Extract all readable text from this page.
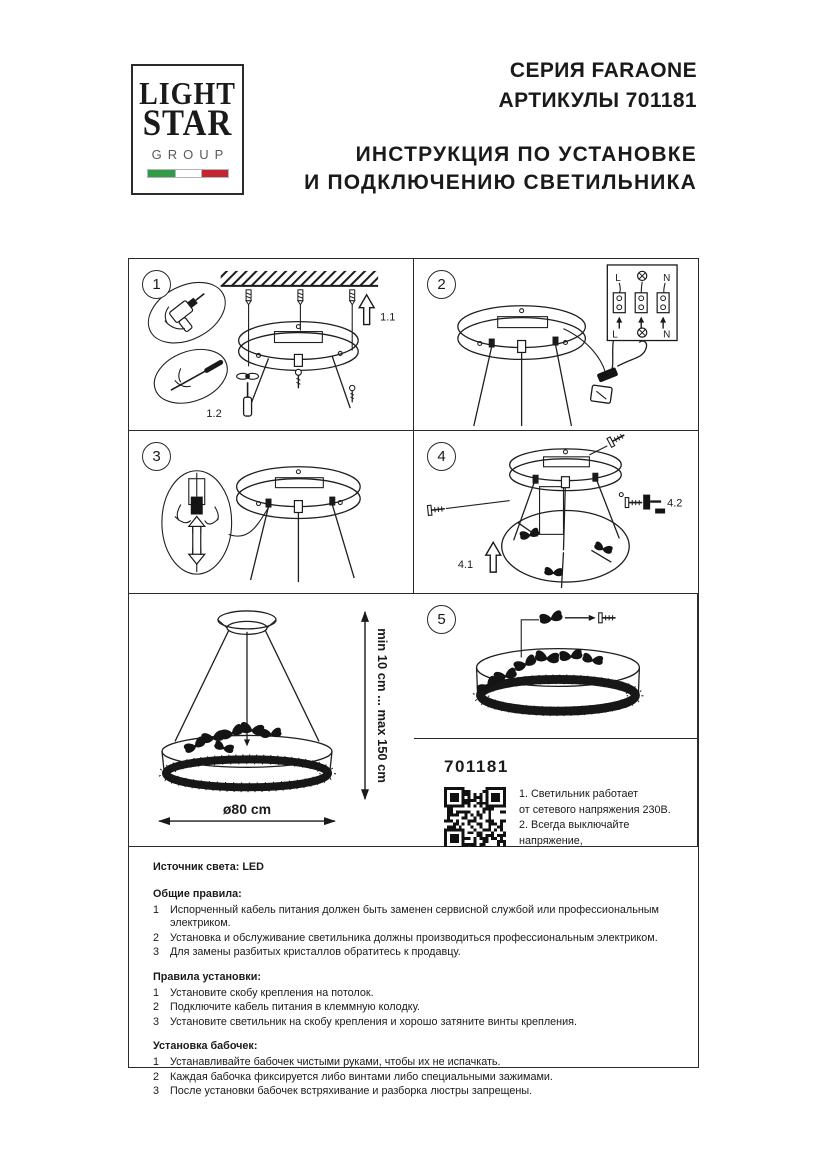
LIGHT
STAR
GROUP
СЕРИЯ FARAONE
АРТИКУЛЫ 701181
ИНСТРУКЦИЯ ПО УСТАНОВКЕ
И ПОДКЛЮЧЕНИЮ СВЕТИЛЬНИКА
1
1.1
1.2
2	L	N
L	N
3	4
4.2
4.1
5
min 10 cm ... max 150 cm
ø80 cm
701181
1. Светильник работает
от сетевого напряжения 230В.
2. Всегда выключайте напряжение,
Источник света: LED
Общие правила:
1	Испорченный кабель питания должен быть заменен сервисной службой или профессиональным электриком.
2	Установка и обслуживание светильника должны производиться профессиональным электриком.
3	Для замены разбитых кристаллов обратитесь к продавцу.
Правила установки:
1	Установите скобу крепления на потолок.
2	Подключите кабель питания в клеммную колодку.
3	Установите светильник на скобу крепления и хорошо затяните винты крепления.
Установка бабочек:
1	Устанавливайте бабочек чистыми руками, чтобы их не испачкать.
2	Каждая бабочка фиксируется либо винтами либо специальными зажимами.
3	После установки бабочек встряхивание и разборка люстры запрещены.
